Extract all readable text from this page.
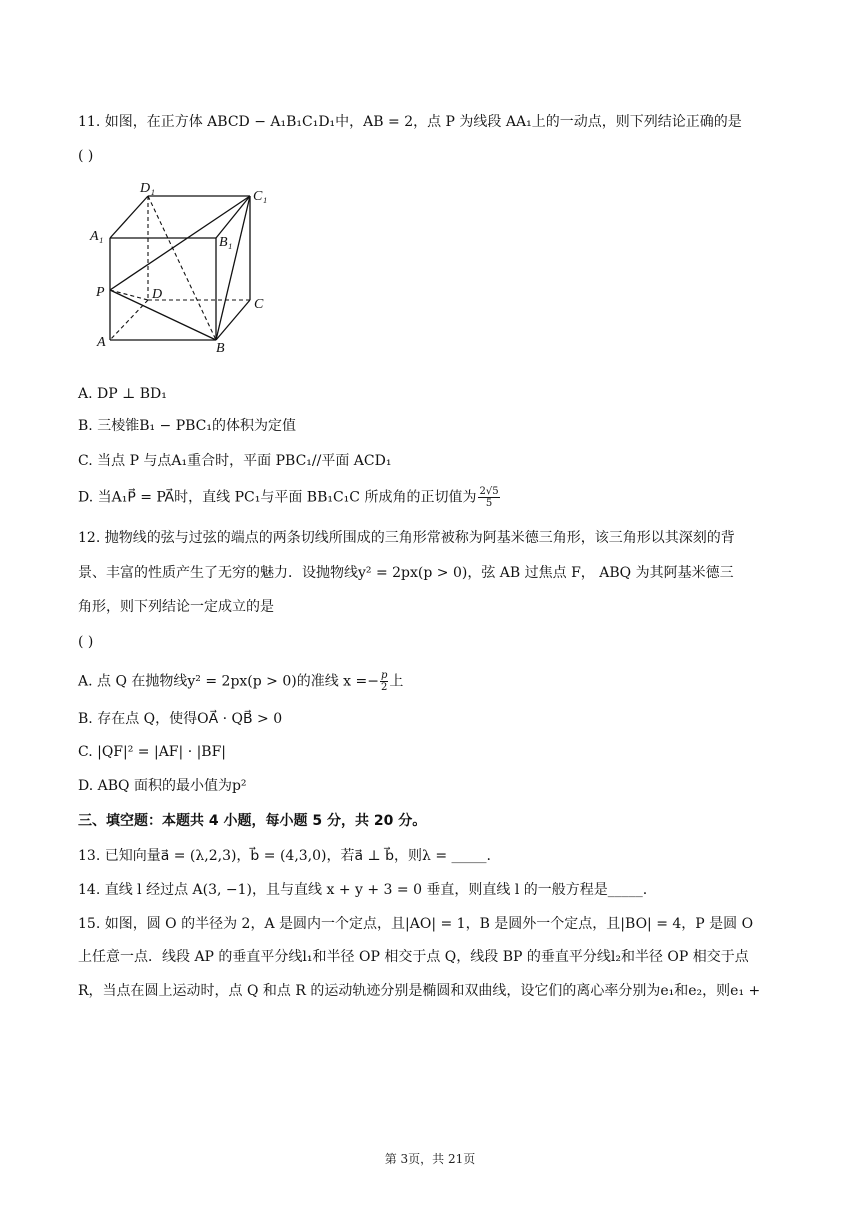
11. 如图，在正方体 ABCD − A₁B₁C₁D₁中，AB = 2，点 P 为线段 AA₁上的一动点，则下列结论正确的是
( )
D₁
C₁
A₁	B₁
P	D
C
A	B
A. DP ⊥ BD₁
B. 三棱锥B₁ − PBC₁的体积为定值
C. 当点 P 与点A₁重合时，平面 PBC₁//平面 ACD₁
D. 当A₁P⃗ = PA⃗时，直线 PC₁与平面 BB₁C₁C 所成角的正切值为 $\frac{2√5}{5}$
12. 抛物线的弦与过弦的端点的两条切线所围成的三角形常被称为阿基米德三角形，该三角形以其深刻的背
景、丰富的性质产生了无穷的魅力．设抛物线y² = 2px(p > 0)，弦 AB 过焦点 F， ABQ 为其阿基米德三
角形，则下列结论一定成立的是
( )
A. 点 Q 在抛物线y² = 2px(p > 0)的准线 $x =- \frac{p}{2}$ 上
B. 存在点 Q，使得OA⃗ · QB⃗ > 0
C. |QF|² = |AF| · |BF|
D. ABQ 面积的最小值为p²
三、填空题：本题共 4 小题，每小题 5 分，共 20 分。
13. 已知向量a⃗ = (λ,2,3)，b⃗ = (4,3,0)，若a⃗ ⊥ b⃗，则λ = _____.
14. 直线 l 经过点 A(3, −1)，且与直线 x + y + 3 = 0 垂直，则直线 l 的一般方程是_____.
15. 如图，圆 O 的半径为 2，A 是圆内一个定点，且|AO| = 1，B 是圆外一个定点，且|BO| = 4，P 是圆 O
上任意一点．线段 AP 的垂直平分线l₁和半径 OP 相交于点 Q，线段 BP 的垂直平分线l₂和半径 OP 相交于点
R，当点在圆上运动时，点 Q 和点 R 的运动轨迹分别是椭圆和双曲线，设它们的离心率分别为e₁和e₂，则e₁ +
第 3页，共 21页
